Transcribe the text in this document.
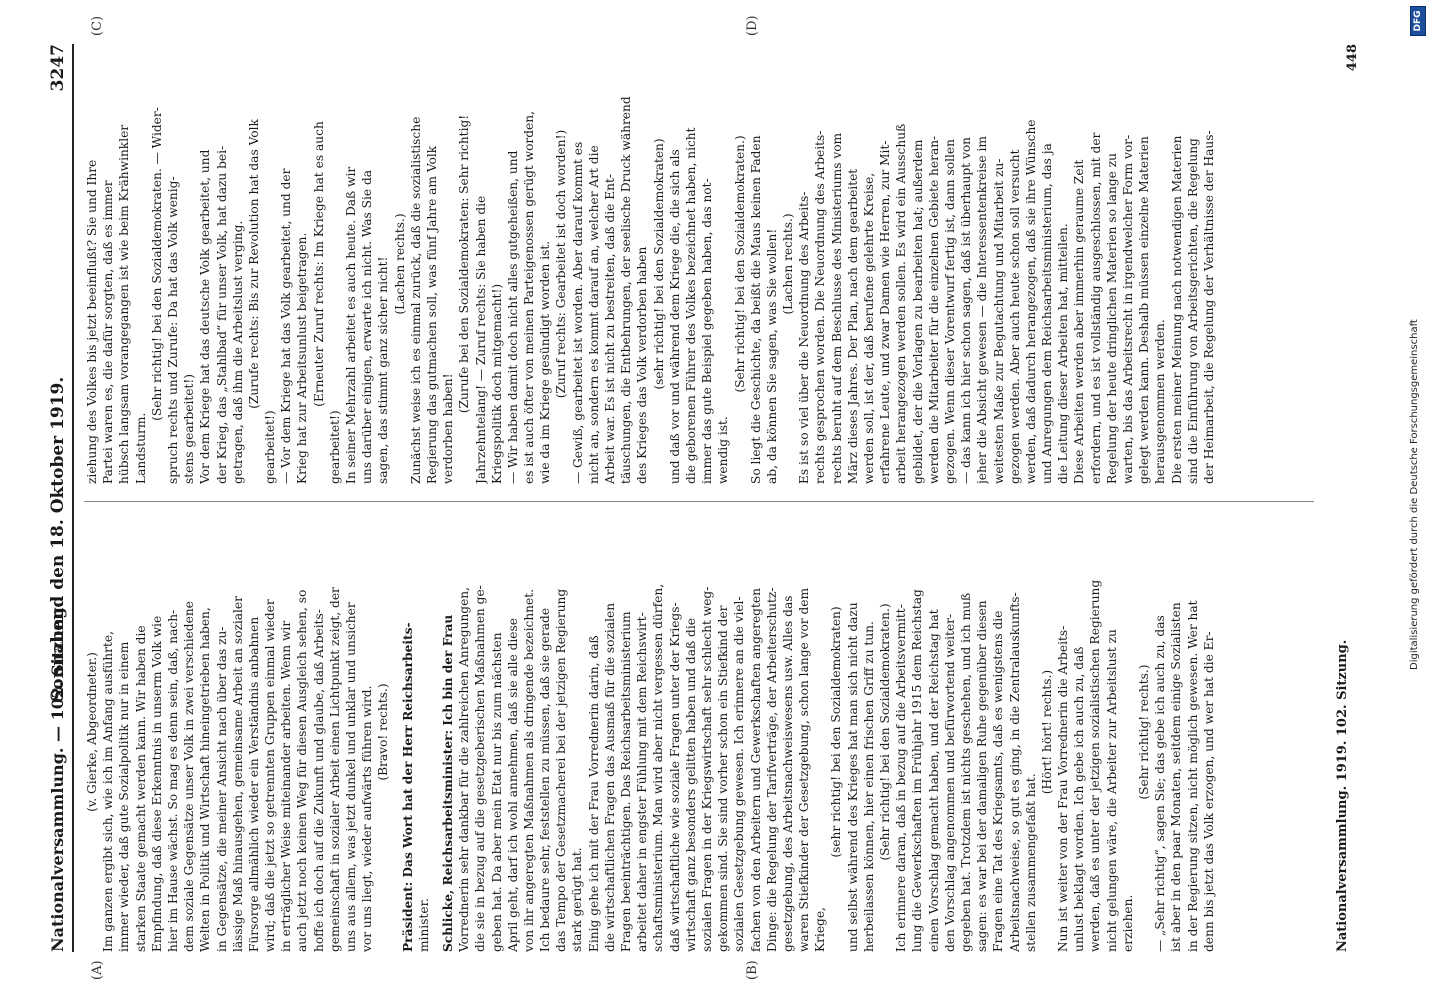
Nationalversammlung. — 102. Sitzung.
Sonnabend den 18. Oktober 1919.
3247
(v. Gierke, Abgeordneter.) Im ganzen ergibt sich, wie ich im Anfang ausführte, immer wieder, daß gute Sozialpolitik nur in einem starken Staate gemacht werden kann. Wir haben die Empfindung, daß diese Erkenntnis in unserm Volk wie hier im Hause wächst. So mag es denn sein, daß, nach- dem soziale Gegensätze unser Volk in zwei verschiedene Welten in Politik und Wirtschaft hineingetrieben haben, in Gegensätze, die meiner Ansicht nach über das zu- lässige Maß hinausgehen, gemeinsame Arbeit an sozialer Fürsorge allmählich wieder ein Verständnis anbahnen wird; daß die jetzt so getrennten Gruppen einmal wieder in erträglicher Weise miteinander arbeiten. Wenn wir auch jetzt noch keinen Weg für diesen Ausgleich sehen, so hoffe ich doch auf die Zukunft und glaube, daß Arbeits- gemeinschaft in sozialer Arbeit einen Lichtpunkt zeigt, der uns aus allem, was jetzt dunkel und unklar und unsicher vor uns liegt, wieder aufwärts führen wird. (Bravo! rechts.) Präsident: Das Wort hat der Herr Reichsarbeits- minister. Schlicke, Reichsarbeitsminister: Ich bin der Frau Vorrednerin sehr dankbar für die zahlreichen Anregungen, die sie in bezug auf die gesetzgeberischen Maßnahmen ge- geben hat. Da aber mein Etat nur bis zum nächsten April geht, darf ich wohl annehmen, daß sie alle diese von ihr angeregten Maßnahmen als dringende bezeichnet. Ich bedaure sehr, feststellen zu müssen, daß sie gerade das Tempo der Gesetzmacherei bei der jetzigen Regierung stark gerügt hat. Einig gehe ich mit der Frau Vorrednerin darin, daß die wirtschaftlichen Fragen das Ausmaß für die sozialen Fragen beeinträchtigen. Das Reichsarbeitsministerium arbeitet daher in engster Fühlung mit dem Reichswirt- schaftsministerium. Man wird aber nicht vergessen dürfen, daß wirtschaftliche wie soziale Fragen unter der Kriegs- wirtschaft ganz besonders gelitten haben und daß die sozialen Fragen in der Kriegswirtschaft sehr schlecht weg- gekommen sind. Sie sind vorher schon ein Stiefkind der sozialen Gesetzgebung gewesen. Ich erinnere an die viel- fachen von den Arbeitern und Gewerkschaften angeregten Dinge: die Regelung der Tarifverträge, der Arbeiterschutz- gesetzgebung, des Arbeitsnachweiswesens usw. Alles das waren Stiefkinder der Gesetzgebung, schon lange vor dem Kriege,
(sehr richtig! bei den Sozialdemokraten) und selbst während des Krieges hat man sich nicht dazu herbeilassen können, hier einen frischen Griff zu tun. (Sehr richtig! bei den Sozialdemokraten.) Ich erinnere daran, daß in bezug auf die Arbeitsvermitt- lung die Gewerkschaften im Frühjahr 1915 dem Reichstag einen Vorschlag gemacht haben, und der Reichstag hat den Vorschlag angenommen und befürwortend weiter- gegeben hat. Trotzdem ist nichts geschehen, und ich muß sagen: es war bei der damaligen Ruhe gegenüber diesen Fragen eine Tat des Kriegsamts, daß es wenigstens die Arbeitsnachweise, so gut es ging, in die Zentralauskunfts- stellen zusammengefaßt hat.
(Hört! hört! rechts.) Nun ist weiter von der Frau Vorrednerin die Arbeits- unlust beklagt worden. Ich gebe ich auch zu, daß werden, daß es unter der jetzigen sozialistischen Regierung nicht gelungen wäre, die Arbeiter zur Arbeitslust zu erziehen.
(Sehr richtig! rechts.) — „Sehr richtig“, sagen Sie; das gebe ich auch zu, das ist aber in den paar Monaten, seitdem einige Sozialisten in der Regierung sitzen, nicht möglich gewesen. Wer hat denn bis jetzt das Volk erzogen, und wer hat die Er-
ziehung des Volkes bis jetzt beeinflußt? Sie und Ihre Partei waren es, die dafür sorgten, daß es immer hübsch langsam vorangegangen ist wie beim Krähwinkler Landsturm.
(Sehr richtig! bei den Sozialdemokraten. — Wider- spruch rechts und Zurufe: Da hat das Volk wenig- stens gearbeitet!) Vor dem Kriege hat das deutsche Volk gearbeitet, und der Krieg, das „Stahlbad“ für unser Volk, hat dazu bei- getragen, daß ihm die Arbeitslust verging. (Zurufe rechts: Bis zur Revolution hat das Volk
gearbeitet!) — Vor dem Kriege hat das Volk gearbeitet, und der Krieg hat zur Arbeitsunlust beigetragen. (Erneuter Zuruf rechts: Im Kriege hat es auch
gearbeitet!) In seiner Mehrzahl arbeitet es auch heute. Daß wir uns darüber einigen, erwarte ich nicht. Was Sie da sagen, das stimmt ganz sicher nicht! (Lachen rechts.) Zunächst weise ich es einmal zurück, daß die sozialistische Regierung das gutmachen soll, was fünf Jahre am Volk verdorben haben!
(Zurufe bei den Sozialdemokraten: Sehr richtig! Jahrzehntelang! — Zuruf rechts: Sie haben die Kriegspolitik doch mitgemacht!) — Wir haben damit doch nicht alles gutgeheißen, und es ist auch öfter von meinen Parteigenossen gerügt worden, wie da im Kriege gesündigt worden ist. (Zuruf rechts: Gearbeitet ist doch worden!) — Gewiß, gearbeitet ist worden. Aber darauf kommt es nicht an, sondern es kommt darauf an, welcher Art die Arbeit war. Es ist nicht zu bestreiten, daß die Ent- täuschungen, die Entbehrungen, der seelische Druck während des Krieges das Volk verdorben haben (sehr richtig! bei den Sozialdemokraten) und daß vor und während dem Kriege die, die sich als die geborenen Führer des Volkes bezeichnet haben, nicht immer das gute Beispiel gegeben haben, das not- wendig ist.
(Sehr richtig! bei den Sozialdemokraten.) So liegt die Geschichte, da beißt die Maus keinen Faden ab, da können Sie sagen, was Sie wollen! (Lachen rechts.) Es ist so viel über die Neuordnung des Arbeits- rechts gesprochen worden. Die Neuordnung des Arbeits- rechts beruht auf dem Beschlusse des Ministeriums vom März dieses Jahres. Der Plan, nach dem gearbeitet werden soll, ist der, daß berufene gelehrte Kreise, erfahrene Leute, und zwar Damen wie Herren, zur Mit- arbeit herangezogen werden sollen. Es wird ein Ausschuß gebildet, der die Vorlagen zu bearbeiten hat; außerdem werden die Mitarbeiter für die einzelnen Gebiete heran- gezogen. Wenn dieser Vorentwurf fertig ist, dann sollen — das kann ich hier schon sagen, daß ist überhaupt von jeher die Absicht gewesen — die Interessentenkreise im weitesten Maße zur Begutachtung und Mitarbeit zu- gezogen werden. Aber auch heute schon soll versucht werden, daß dadurch herangezogen, daß sie ihre Wünsche und Anregungen dem Reichsarbeitsministerium, das ja die Leitung dieser Arbeiten hat, mitteilen. Diese Arbeiten werden aber immerhin geraume Zeit erfordern, und es ist vollständig ausgeschlossen, mit der Regelung der heute dringlichen Materien so lange zu warten, bis das Arbeitsrecht in irgendwelcher Form vor- gelegt werden kann. Deshalb müssen einzelne Materien herausgenommen werden. Die ersten meiner Meinung nach notwendigen Materien sind die Einführung von Arbeitsgerichten, die Regelung der Heimarbeit, die Regelung der Verhältnisse der Haus-
(A)	(B)
(C)	(D)
Nationalversammlung. 1919. 102. Sitzung.
448
Digitalisierung gefördert durch die Deutsche Forschungsgemeinschaft
DFG
